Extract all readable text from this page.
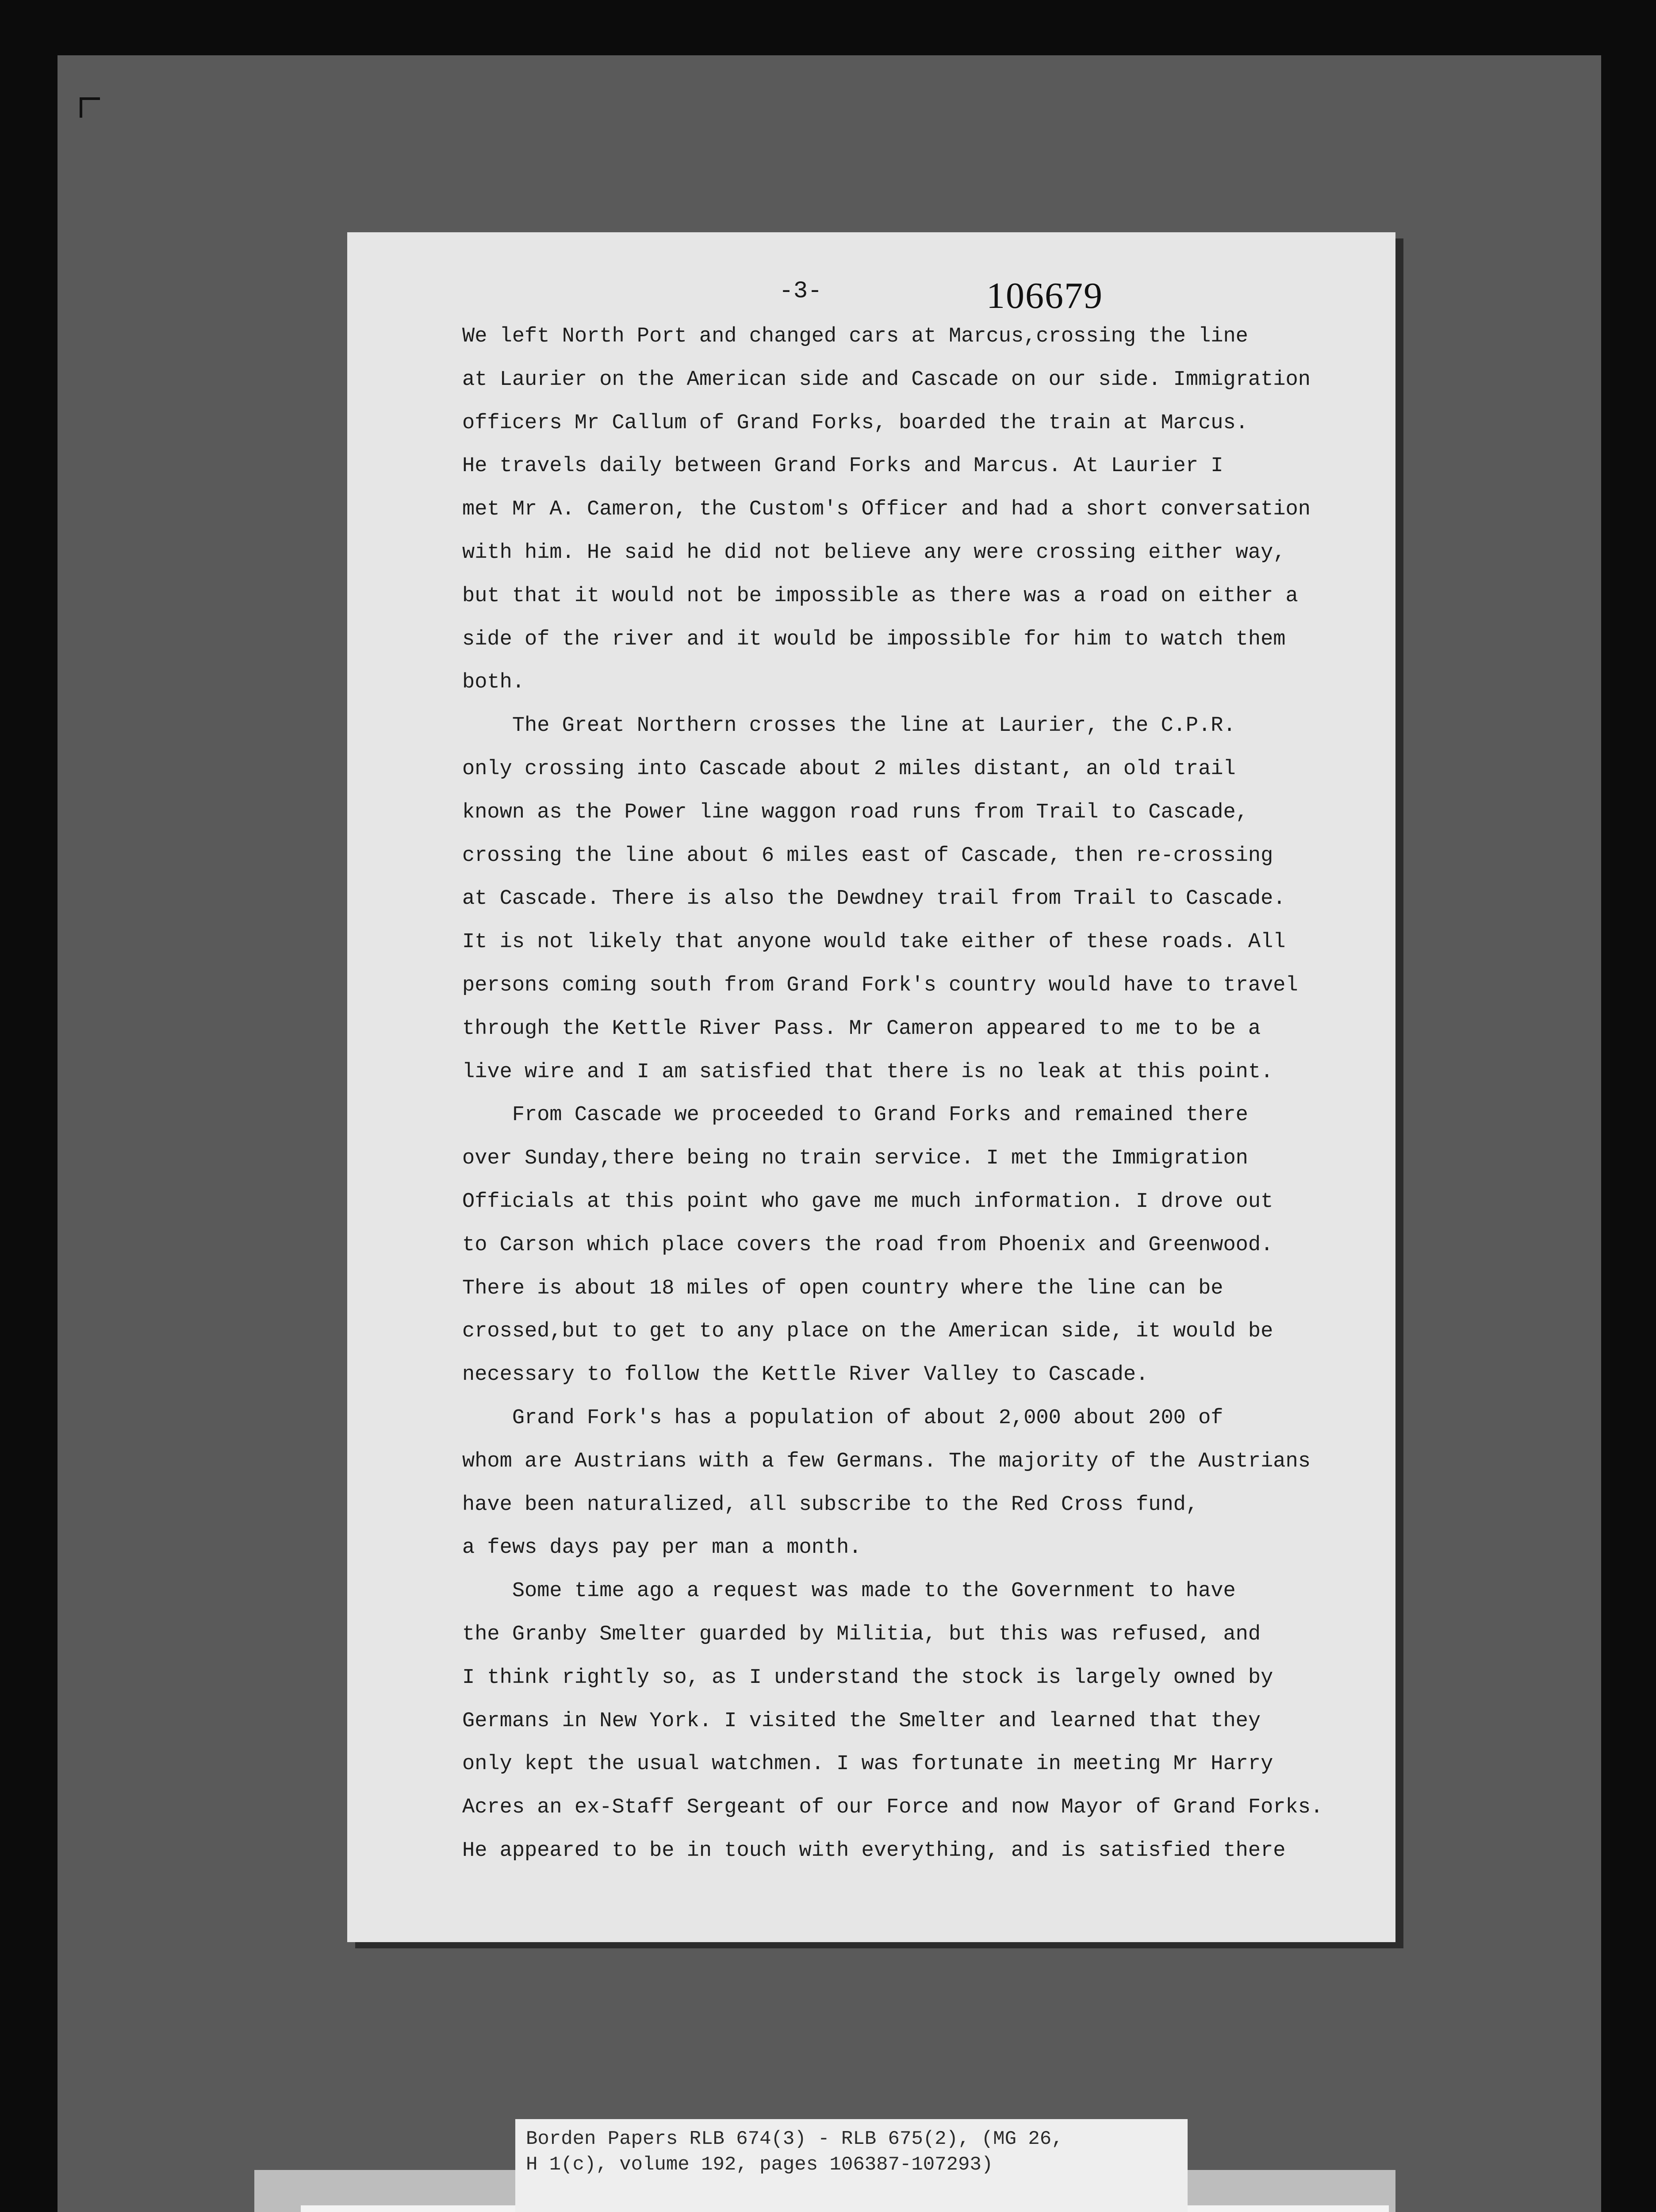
-3-	106679
We left North Port and changed cars at Marcus,crossing the line
at Laurier on the American side and Cascade on our side. Immigration
officers Mr Callum of Grand Forks, boarded the train at Marcus.
He travels daily between Grand Forks and Marcus. At Laurier I
met Mr A. Cameron, the Custom's Officer and had a short conversation
with him. He said he did not believe any were crossing either way,
but that it would not be impossible as there was a road on either a
side of the river and it would be impossible for him to watch them
both.
The Great Northern crosses the line at Laurier, the C.P.R.
only crossing into Cascade about 2 miles distant, an old trail
known as the Power line waggon road runs from Trail to Cascade,
crossing the line about 6 miles east of Cascade, then re-crossing
at Cascade. There is also the Dewdney trail from Trail to Cascade.
It is not likely that anyone would take either of these roads. All
persons coming south from Grand Fork's country would have to travel
through the Kettle River Pass. Mr Cameron appeared to me to be a
live wire and I am satisfied that there is no leak at this point.
From Cascade we proceeded to Grand Forks and remained there
over Sunday,there being no train service. I met the Immigration
Officials at this point who gave me much information. I drove out
to Carson which place covers the road from Phoenix and Greenwood.
There is about 18 miles of open country where the line can be
crossed,but to get to any place on the American side, it would be
necessary to follow the Kettle River Valley to Cascade.
Grand Fork's has a population of about 2,000 about 200 of
whom are Austrians with a few Germans. The majority of the Austrians
have been naturalized, all subscribe to the Red Cross fund,
a fews days pay per man a month.
Some time ago a request was made to the Government to have
the Granby Smelter guarded by Militia, but this was refused, and
I think rightly so, as I understand the stock is largely owned by
Germans in New York. I visited the Smelter and learned that they
only kept the usual watchmen. I was fortunate in meeting Mr Harry
Acres an ex-Staff Sergeant of our Force and now Mayor of Grand Forks.
He appeared to be in touch with everything, and is satisfied there
Borden Papers RLB 674(3) - RLB 675(2), (MG 26,
H 1(c), volume 192, pages 106387-107293)
